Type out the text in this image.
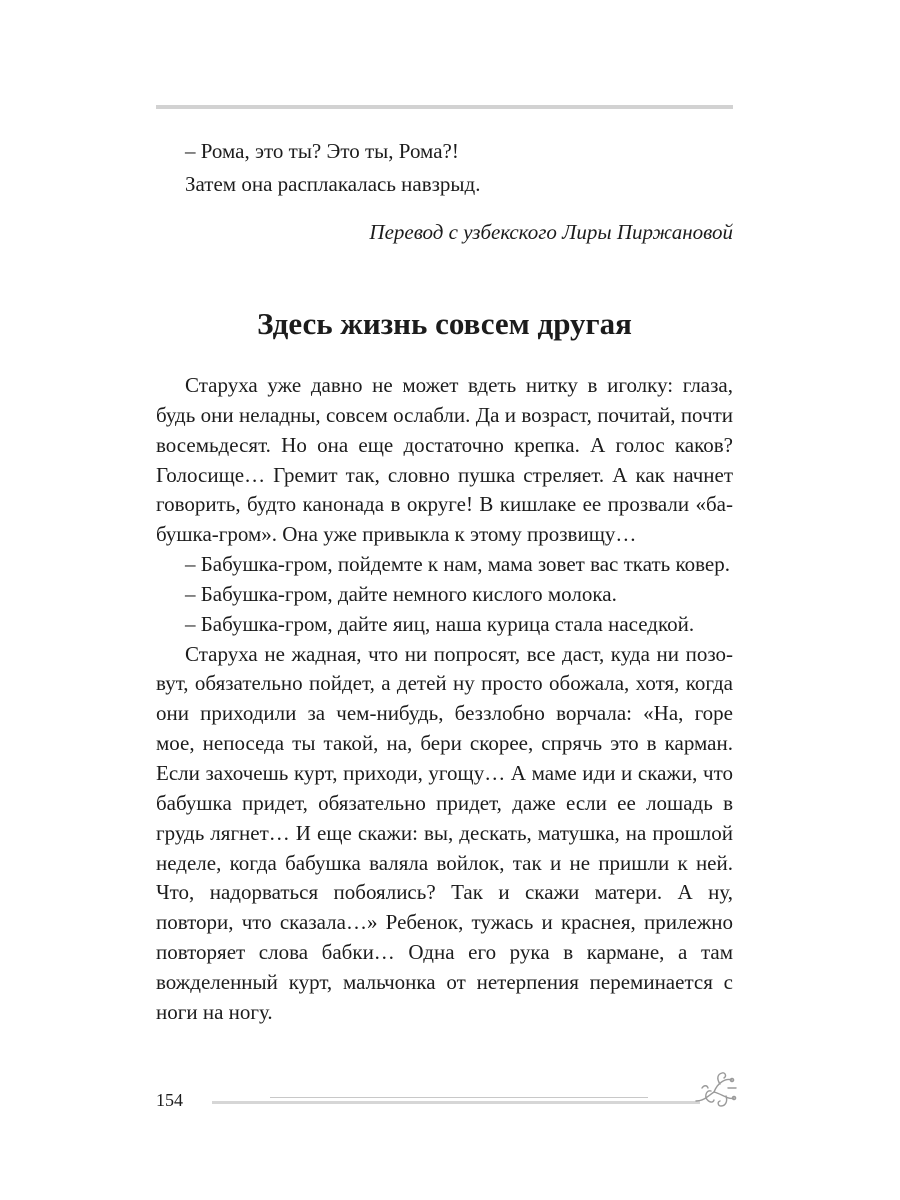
– Рома, это ты? Это ты, Рома?!

Затем она расплакалась навзрыд.

Перевод с узбекского Лиры Пиржановой
Здесь жизнь совсем другая

Старуха уже давно не может вдеть нитку в иголку: глаза, будь они неладны, совсем ослабли. Да и возраст, почитай, почти восемьдесят. Но она еще достаточно крепка. А голос каков? Голосище… Гремит так, словно пушка стреляет. А как начнет говорить, будто канонада в округе! В кишлаке ее прозвали «бабушка-гром». Она уже привыкла к этому прозвищу…

– Бабушка-гром, пойдемте к нам, мама зовет вас ткать ковер.

– Бабушка-гром, дайте немного кислого молока.

– Бабушка-гром, дайте яиц, наша курица стала наседкой.

Старуха не жадная, что ни попросят, все даст, куда ни позовут, обязательно пойдет, а детей ну просто обожала, хотя, когда они приходили за чем-нибудь, беззлобно ворчала: «На, горе мое, непоседа ты такой, на, бери скорее, спрячь это в карман. Если захочешь курт, приходи, угощу… А маме иди и скажи, что бабушка придет, обязательно придет, даже если ее лошадь в грудь лягнет… И еще скажи: вы, дескать, матушка, на прошлой неделе, когда бабушка валяла войлок, так и не пришли к ней. Что, надорваться побоялись? Так и скажи матери. А ну, повтори, что сказала…» Ребенок, тужась и краснея, прилежно повторяет слова бабки… Одна его рука в кармане, а там вожделенный курт, мальчонка от нетерпения переминается с ноги на ногу.

154
